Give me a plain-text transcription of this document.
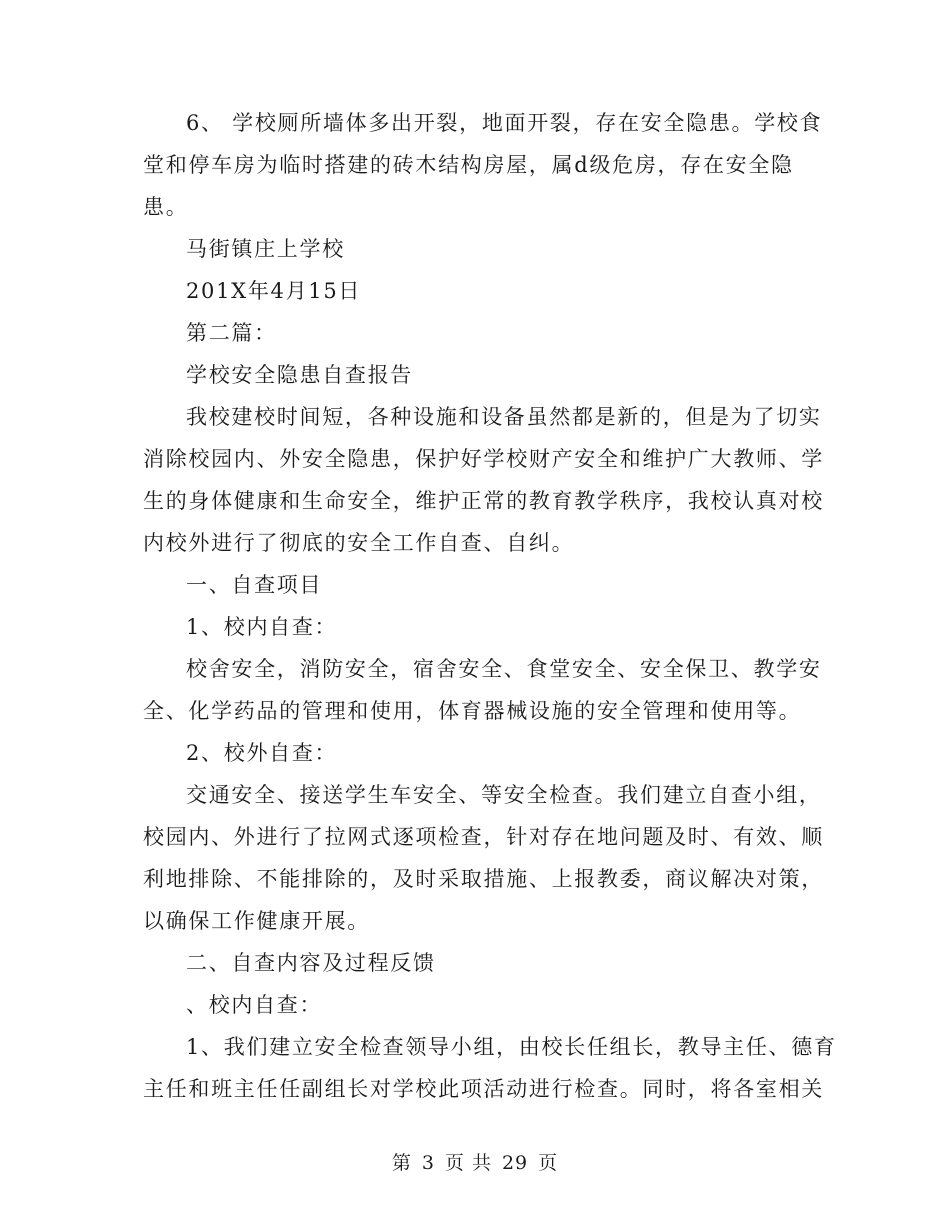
6、 学校厕所墙体多出开裂，地面开裂，存在安全隐患。学校食
堂和停车房为临时搭建的砖木结构房屋，属d级危房，存在安全隐
患。
马街镇庄上学校
201X年4月15日
第二篇：
学校安全隐患自查报告
我校建校时间短，各种设施和设备虽然都是新的，但是为了切实
消除校园内、外安全隐患，保护好学校财产安全和维护广大教师、学
生的身体健康和生命安全，维护正常的教育教学秩序，我校认真对校
内校外进行了彻底的安全工作自查、自纠。
一、自查项目
1、校内自查：
校舍安全，消防安全，宿舍安全、食堂安全、安全保卫、教学安
全、化学药品的管理和使用，体育器械设施的安全管理和使用等。
2、校外自查：
交通安全、接送学生车安全、等安全检查。我们建立自查小组，
校园内、外进行了拉网式逐项检查，针对存在地问题及时、有效、顺
利地排除、不能排除的，及时采取措施、上报教委，商议解决对策，
以确保工作健康开展。
二、自查内容及过程反馈
、校内自查：
1、我们建立安全检查领导小组，由校长任组长，教导主任、德育
主任和班主任任副组长对学校此项活动进行检查。同时，将各室相关
第 3 页 共 29 页
